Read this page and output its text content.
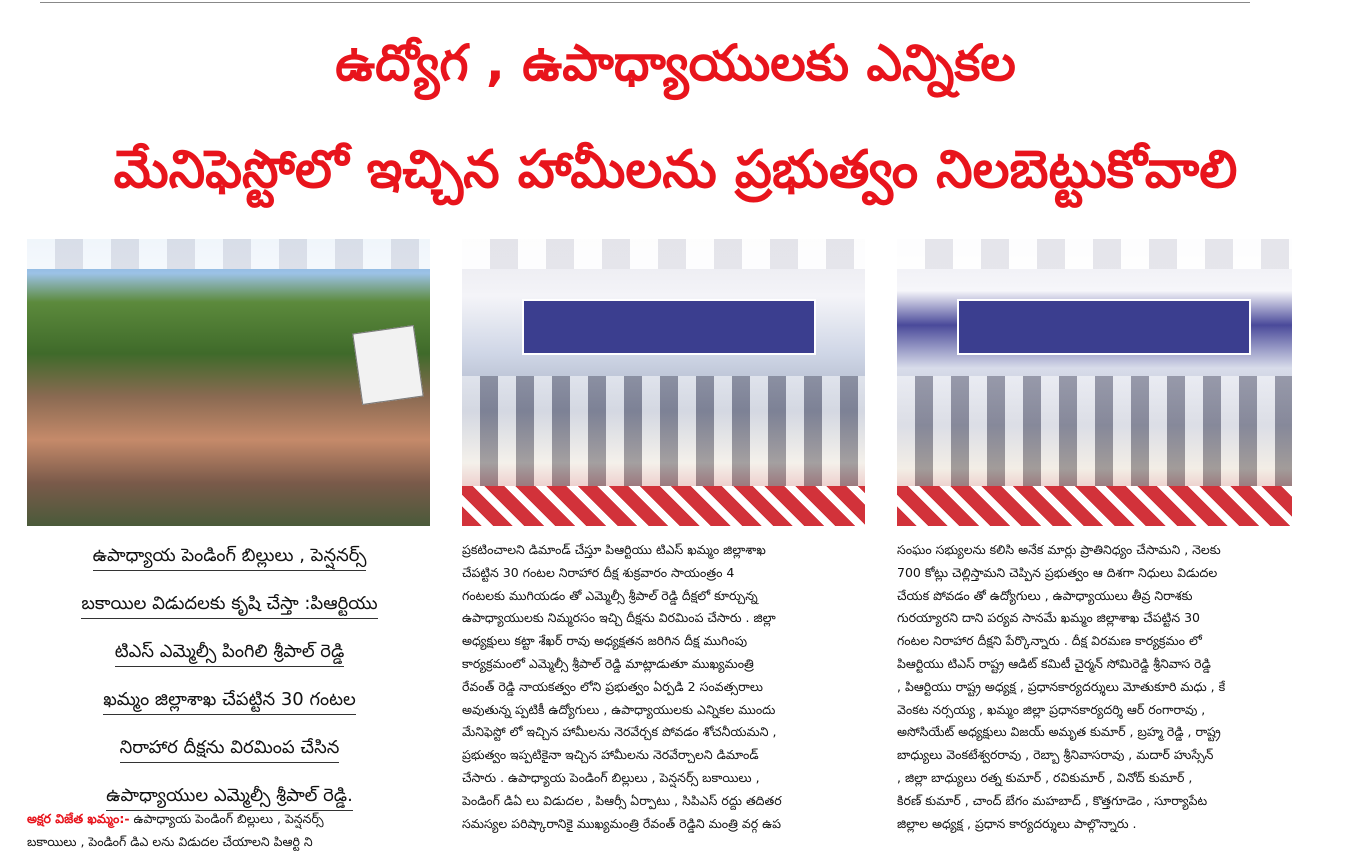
ఉద్యోగ , ఉపాధ్యాయులకు ఎన్నికల
మేనిఫెస్టోలో ఇచ్చిన హామీలను ప్రభుత్వం నిలబెట్టుకోవాలి
ఉపాధ్యాయ పెండింగ్ బిల్లులు , పెన్షనర్స్
బకాయిల విడుదలకు కృషి చేస్తా :పిఆర్టియు
టిఎస్ ఎమ్మెల్సీ పింగిలి శ్రీపాల్ రెడ్డి
ఖమ్మం జిల్లాశాఖ చేపట్టిన 30 గంటల
నిరాహార దీక్షను విరమింప చేసిన
ఉపాధ్యాయుల ఎమ్మెల్సీ శ్రీపాల్ రెడ్డి.
అక్షర విజేత ఖమ్మం:- ఉపాధ్యాయ పెండింగ్ బిల్లులు , పెన్షనర్స్
బకాయిలు , పెండింగ్ డిఎ లను విడుదల చేయాలని పిఆర్టి ని
ప్రకటించాలని డిమాండ్ చేస్తూ పిఆర్టియు టిఎస్ ఖమ్మం జిల్లాశాఖ
చేపట్టిన 30 గంటల నిరాహార దీక్ష శుక్రవారం సాయంత్రం 4
గంటలకు ముగియడం తో ఎమ్మెల్సీ శ్రీపాల్ రెడ్డి దీక్షలో కూర్చున్న
ఉపాధ్యాయులకు నిమ్మరసం ఇచ్చి దీక్షను విరమింప చేసారు . జిల్లా
అధ్యక్షులు కట్టా శేఖర్ రావు అధ్యక్షతన జరిగిన దీక్ష ముగింపు
కార్యక్రమంలో ఎమ్మెల్సీ శ్రీపాల్ రెడ్డి మాట్లాడుతూ ముఖ్యమంత్రి
రేవంత్ రెడ్డి నాయకత్వం లోని ప్రభుత్వం ఏర్పడి 2 సంవత్సరాలు
అవుతున్న ప్పటికీ ఉద్యోగులు , ఉపాధ్యాయులకు ఎన్నికల ముందు
మేనిఫెస్టో లో ఇచ్చిన హామీలను నెరవేర్చక పోవడం శోచనీయమని ,
ప్రభుత్వం ఇప్పటికైనా ఇచ్చిన హామీలను నెరవేర్చాలని డిమాండ్
చేసారు . ఉపాధ్యాయ పెండింగ్ బిల్లులు , పెన్షనర్స్ బకాయిలు ,
పెండింగ్ డిఏ లు విడుదల , పిఆర్సీ ఏర్పాటు , సిపిఎస్ రద్దు తదితర
సమస్యల పరిష్కారానికై ముఖ్యమంత్రి రేవంత్ రెడ్డిని మంత్రి వర్గ ఉప
సంఘం సభ్యులను కలిసి అనేక మార్లు ప్రాతినిధ్యం చేసామని , నెలకు
700 కోట్లు చెల్లిస్తామని చెప్పిన ప్రభుత్వం ఆ దిశగా నిధులు విడుదల
చేయక పోవడం తో ఉద్యోగులు , ఉపాధ్యాయులు తీవ్ర నిరాశకు
గురయ్యారని దాని పర్యవ సానమే ఖమ్మం జిల్లాశాఖ చేపట్టిన 30
గంటల నిరాహార దీక్షని పేర్కొన్నారు . దీక్ష విరమణ కార్యక్రమం లో
పిఆర్టియు టిఎస్ రాష్ట్ర ఆడిట్ కమిటీ చైర్మన్ సోమిరెడ్డి శ్రీనివాస రెడ్డి
, పిఆర్టియు రాష్ట్ర అధ్యక్ష , ప్రధానకార్యదర్శులు మోతుకూరి మధు , కే
వెంకట నర్సయ్య , ఖమ్మం జిల్లా ప్రధానకార్యదర్శి ఆర్ రంగారావు ,
అసోసియేట్ అధ్యక్షులు విజయ్ అమృత కుమార్ , బ్రహ్మ రెడ్డి , రాష్ట్ర
బాధ్యులు వెంకటేశ్వరరావు , రెబ్బా శ్రీనివాసరావు , మదార్ హుస్సేన్
, జిల్లా బాధ్యులు రత్న కుమార్ , రవికుమార్ , వినోద్ కుమార్ ,
కిరణ్ కుమార్ , చాంద్ బేగం మహబాద్ , కొత్తగూడెం , సూర్యాపేట
జిల్లాల అధ్యక్ష , ప్రధాన కార్యదర్శులు పాల్గొన్నారు .
